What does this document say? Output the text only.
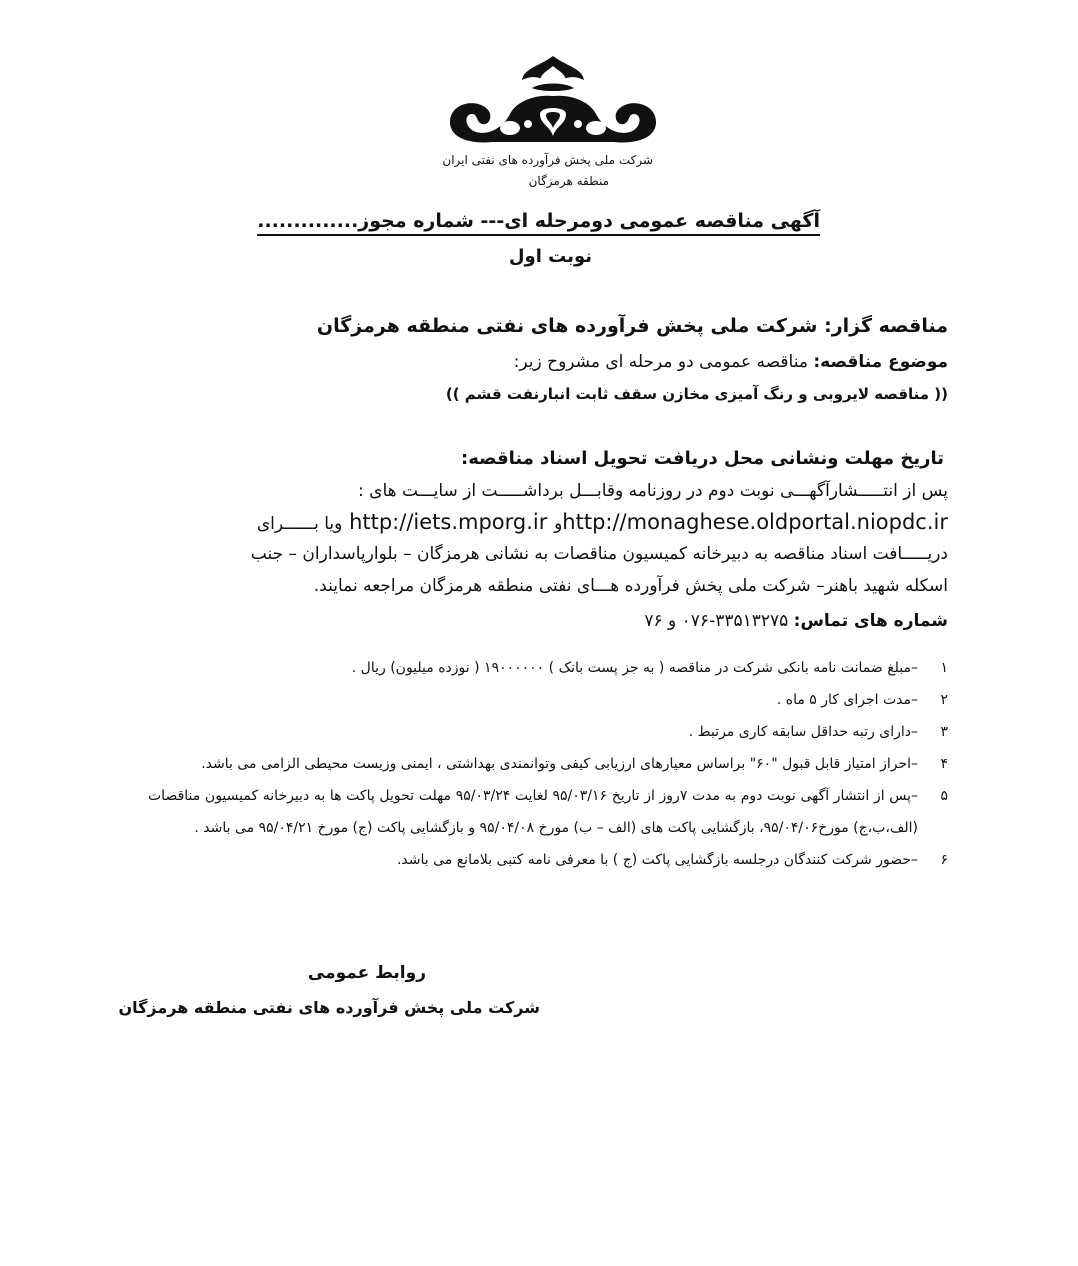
شرکت ملی پخش فرآورده های نفتی ایران
منطقه هرمزگان
آگهی مناقصه عمومی دومرحله ای--- شماره مجوز..............
نوبت اول
مناقصه گزار: شرکت ملی پخش فرآورده های نفتی منطقه هرمزگان
موضوع مناقصه: مناقصه عمومی دو مرحله ای مشروح زیر:
(( مناقصه لایروبی و رنگ آمیزی مخازن سقف ثابت انبارنفت قشم ))
تاریخ مهلت ونشانی محل دریافت تحویل اسناد مناقصه:
پس از انتـــــشارآگهـــی نوبت دوم در روزنامه وقابـــل برداشـــــت از سایـــت های :
http://monaghese.oldportal.niopdc.irو http://iets.mporg.ir ویا بــــــرای
دریـــــافت اسناد مناقصه به دبیرخانه کمیسیون مناقصات به نشانی هرمزگان – بلوارپاسداران – جنب
اسکله شهید باهنر– شرکت ملی پخش فرآورده هـــای نفتی منطقه هرمزگان مراجعه نمایند.
شماره های تماس: ۳۳۵۱۳۲۷۵-۰۷۶ و ۷۶
۱
–مبلغ ضمانت نامه بانکی شرکت در مناقصه ( به جز پست بانک ) ۱۹۰۰۰۰۰۰ ( نوزده میلیون) ریال .
۲
–مدت اجرای کار ۵ ماه .
۳
–دارای رتبه حداقل سابقه کاری مرتبط .
۴
–احراز امتیاز قابل قبول "۶۰" براساس معیارهای ارزیابی کیفی وتوانمندی بهداشتی ، ایمنی وزیست محیطی الزامی می باشد.
۵
–پس از انتشار آگهی نوبت دوم به مدت ۷روز از تاریخ ۹۵/۰۳/۱۶ لغایت ۹۵/۰۳/۲۴ مهلت تحویل پاکت ها به دبیرخانه کمیسیون مناقصات (الف،ب،ج) مورخ۹۵/۰۴/۰۶، بازگشایی پاکت های (الف – ب) مورخ ۹۵/۰۴/۰۸ و بازگشایی پاکت (ج) مورخ ۹۵/۰۴/۲۱ می باشد .
۶
–حضور شرکت کنندگان درجلسه بازگشایی پاکت (ج ) با معرفی نامه کتبی بلامانع می باشد.
روابط عمومی
شرکت ملی پخش فرآورده های نفتی منطقه هرمزگان
